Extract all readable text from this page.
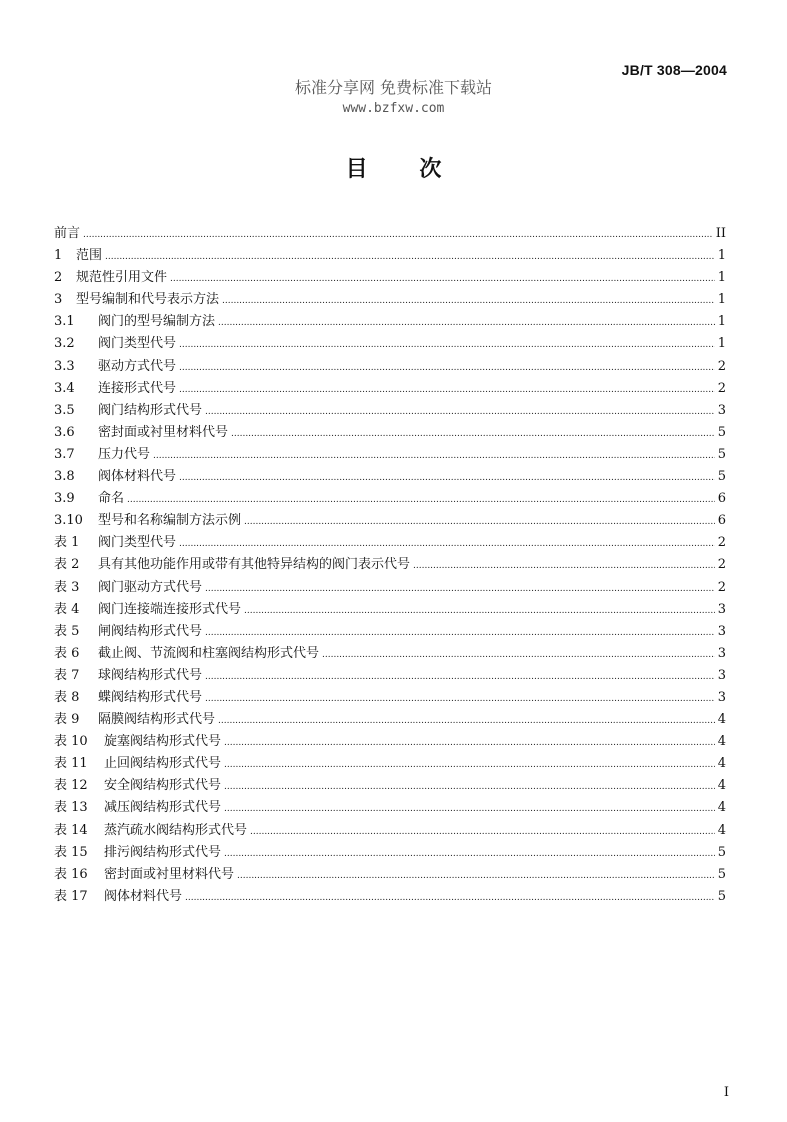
JB/T 308—2004
标准分享网 免费标准下载站
www.bzfxw.com
目 次
前言 .....	II
1	范围 .....	1
2	规范性引用文件 .....	1
3	型号编制和代号表示方法 .....	1
3.1	阀门的型号编制方法 .....	1
3.2	阀门类型代号 .....	1
3.3	驱动方式代号 .....	2
3.4	连接形式代号 .....	2
3.5	阀门结构形式代号 .....	3
3.6	密封面或衬里材料代号 .....	5
3.7	压力代号 .....	5
3.8	阀体材料代号 .....	5
3.9	命名 .....	6
3.10	型号和名称编制方法示例 .....	6
表 1	阀门类型代号 .....	2
表 2	具有其他功能作用或带有其他特异结构的阀门表示代号 .....	2
表 3	阀门驱动方式代号 .....	2
表 4	阀门连接端连接形式代号 .....	3
表 5	闸阀结构形式代号 .....	3
表 6	截止阀、节流阀和柱塞阀结构形式代号 .....	3
表 7	球阀结构形式代号 .....	3
表 8	蝶阀结构形式代号 .....	3
表 9	隔膜阀结构形式代号 .....	4
表 10	旋塞阀结构形式代号 .....	4
表 11	止回阀结构形式代号 .....	4
表 12	安全阀结构形式代号 .....	4
表 13	减压阀结构形式代号 .....	4
表 14	蒸汽疏水阀结构形式代号 .....	4
表 15	排污阀结构形式代号 .....	5
表 16	密封面或衬里材料代号 .....	5
表 17	阀体材料代号 .....	5
I
